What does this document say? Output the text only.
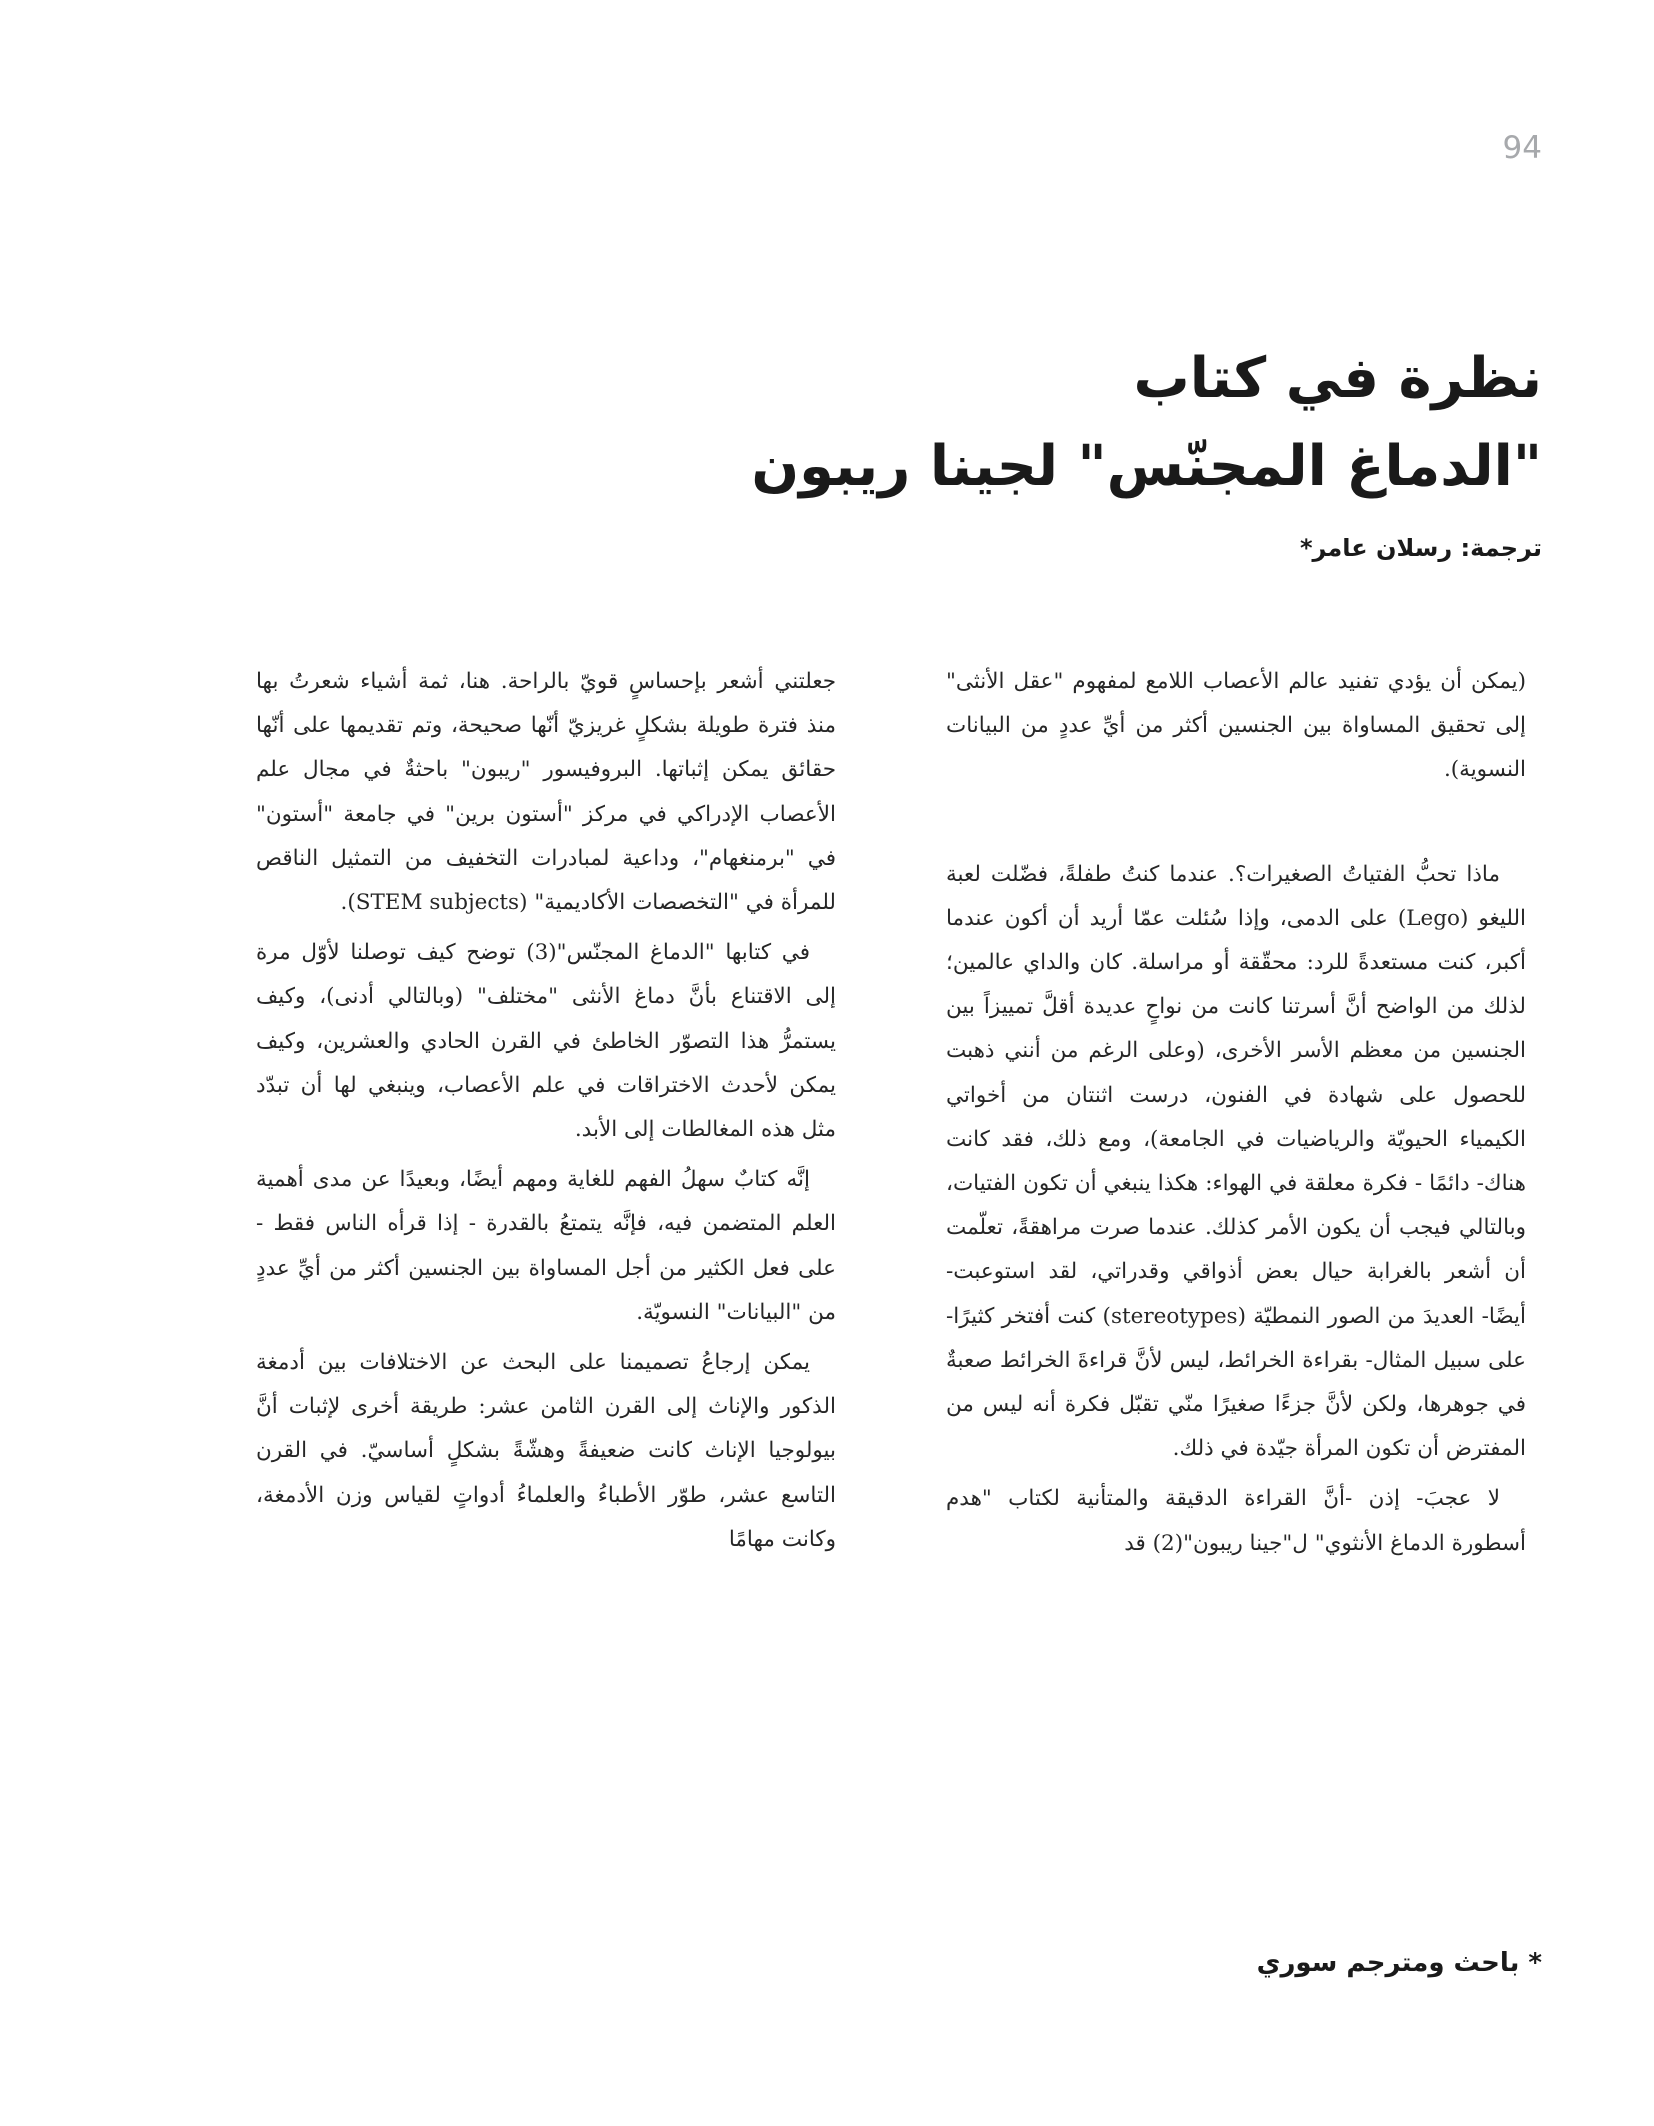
94
نظرة في كتاب
"الدماغ المجنّس" لجينا ريبون
ترجمة: رسلان عامر*

(يمكن أن يؤدي تفنيد عالم الأعصاب اللامع لمفهوم "عقل الأنثى" إلى تحقيق المساواة بين الجنسين أكثر من أيِّ عددٍ من البيانات النسوية).

ماذا تحبُّ الفتياتُ الصغيرات؟. عندما كنتُ طفلةً، فضّلت لعبة الليغو (Lego) على الدمى، وإذا سُئلت عمّا أريد أن أكون عندما أكبر، كنت مستعدةً للرد: محقّقة أو مراسلة. كان والداي عالمين؛ لذلك من الواضح أنَّ أسرتنا كانت من نواحٍ عديدة أقلَّ تمييزاً بين الجنسين من معظم الأسر الأخرى، (وعلى الرغم من أنني ذهبت للحصول على شهادة في الفنون، درست اثنتان من أخواتي الكيمياء الحيويّة والرياضيات في الجامعة)، ومع ذلك، فقد كانت هناك- دائمًا - فكرة معلقة في الهواء: هكذا ينبغي أن تكون الفتيات، وبالتالي فيجب أن يكون الأمر كذلك. عندما صرت مراهقةً، تعلّمت أن أشعر بالغرابة حيال بعض أذواقي وقدراتي، لقد استوعبت- أيضًا- العديدَ من الصور النمطيّة (stereotypes) كنت أفتخر كثيرًا- على سبيل المثال- بقراءة الخرائط، ليس لأنَّ قراءةَ الخرائط صعبةٌ في جوهرها، ولكن لأنَّ جزءًا صغيرًا منّي تقبّل فكرة أنه ليس من المفترض أن تكون المرأة جيّدة في ذلك.

لا عجبَ- إذن -أنَّ القراءة الدقيقة والمتأنية لكتاب "هدم أسطورة الدماغ الأنثوي" ل"جينا ريبون"(2) قد

جعلتني أشعر بإحساسٍ قويّ بالراحة. هنا، ثمة أشياء شعرتُ بها منذ فترة طويلة بشكلٍ غريزيّ أنّها صحيحة، وتم تقديمها على أنّها حقائق يمكن إثباتها. البروفيسور "ريبون" باحثةٌ في مجال علم الأعصاب الإدراكي في مركز "أستون برين" في جامعة "أستون" في "برمنغهام"، وداعية لمبادرات التخفيف من التمثيل الناقص للمرأة في "التخصصات الأكاديمية" (STEM subjects).

في كتابها "الدماغ المجنّس"(3) توضح كيف توصلنا لأوّل مرة إلى الاقتناع بأنَّ دماغ الأنثى "مختلف" (وبالتالي أدنى)، وكيف يستمرُّ هذا التصوّر الخاطئ في القرن الحادي والعشرين، وكيف يمكن لأحدث الاختراقات في علم الأعصاب، وينبغي لها أن تبدّد مثل هذه المغالطات إلى الأبد.

إنَّه كتابٌ سهلُ الفهم للغاية ومهم أيضًا، وبعيدًا عن مدى أهمية العلم المتضمن فيه، فإنَّه يتمتعُ بالقدرة - إذا قرأه الناس فقط - على فعل الكثير من أجل المساواة بين الجنسين أكثر من أيِّ عددٍ من "البيانات" النسويّة.

يمكن إرجاعُ تصميمنا على البحث عن الاختلافات بين أدمغة الذكور والإناث إلى القرن الثامن عشر: طريقة أخرى لإثبات أنَّ بيولوجيا الإناث كانت ضعيفةً وهشّةً بشكلٍ أساسيّ. في القرن التاسع عشر، طوّر الأطباءُ والعلماءُ أدواتٍ لقياس وزن الأدمغة، وكانت مهامًا

* باحث ومترجم سوري
